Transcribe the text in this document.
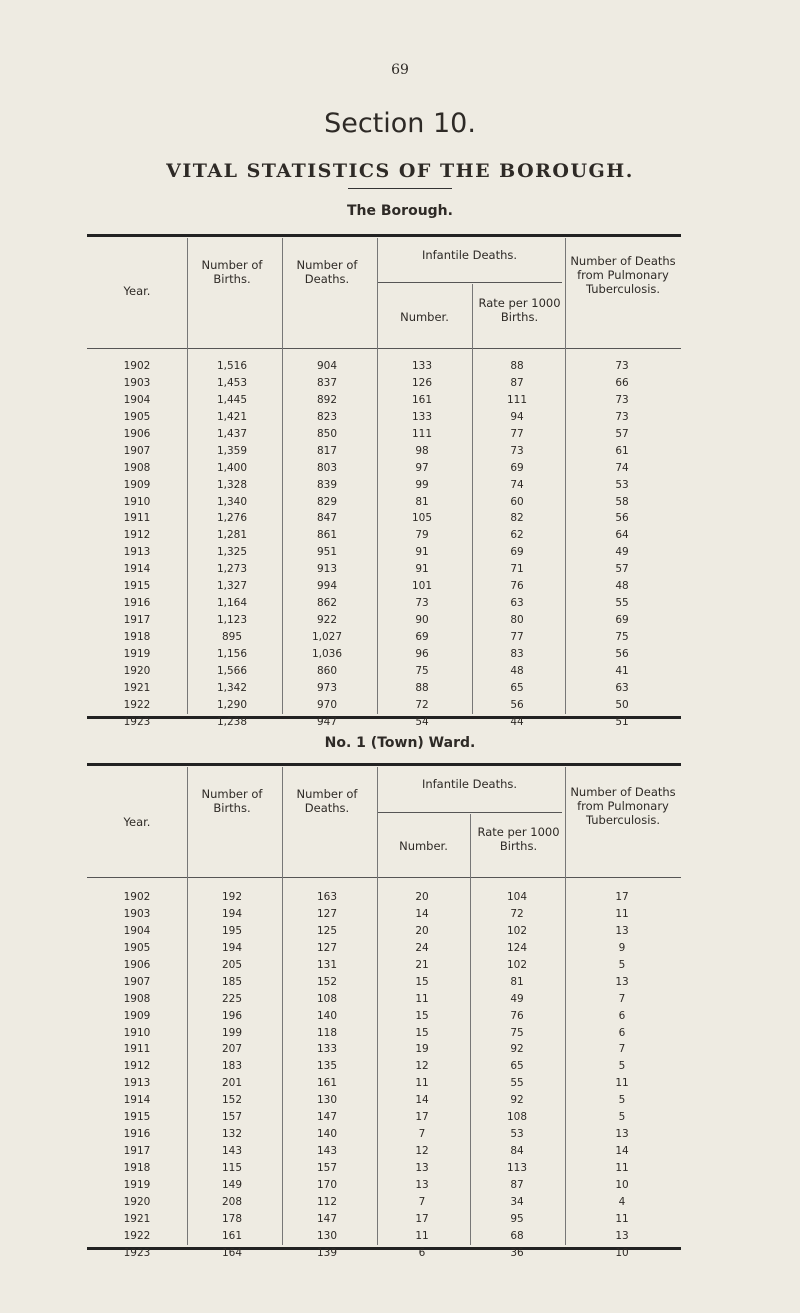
69
Section 10.
VITAL STATISTICS OF THE BOROUGH.
The Borough.
Year.
Number of Births.
Number of Deaths.
Infantile Deaths.
Number.
Rate per 1000 Births.
Number of Deaths from Pulmonary Tuberculosis.
1902	1,516	904	133	88	73
1903	1,453	837	126	87	66
1904	1,445	892	161	111	73
1905	1,421	823	133	94	73
1906	1,437	850	111	77	57
1907	1,359	817	98	73	61
1908	1,400	803	97	69	74
1909	1,328	839	99	74	53
1910	1,340	829	81	60	58
1911	1,276	847	105	82	56
1912	1,281	861	79	62	64
1913	1,325	951	91	69	49
1914	1,273	913	91	71	57
1915	1,327	994	101	76	48
1916	1,164	862	73	63	55
1917	1,123	922	90	80	69
1918	895	1,027	69	77	75
1919	1,156	1,036	96	83	56
1920	1,566	860	75	48	41
1921	1,342	973	88	65	63
1922	1,290	970	72	56	50
1923	1,238	947	54	44	51
No. 1 (Town) Ward.
Year.
Number of Births.
Number of Deaths.
Infantile Deaths.
Number.
Rate per 1000 Births.
Number of Deaths from Pulmonary Tuberculosis.
1902	192	163	20	104	17
1903	194	127	14	72	11
1904	195	125	20	102	13
1905	194	127	24	124	9
1906	205	131	21	102	5
1907	185	152	15	81	13
1908	225	108	11	49	7
1909	196	140	15	76	6
1910	199	118	15	75	6
1911	207	133	19	92	7
1912	183	135	12	65	5
1913	201	161	11	55	11
1914	152	130	14	92	5
1915	157	147	17	108	5
1916	132	140	7	53	13
1917	143	143	12	84	14
1918	115	157	13	113	11
1919	149	170	13	87	10
1920	208	112	7	34	4
1921	178	147	17	95	11
1922	161	130	11	68	13
1923	164	139	6	36	10
